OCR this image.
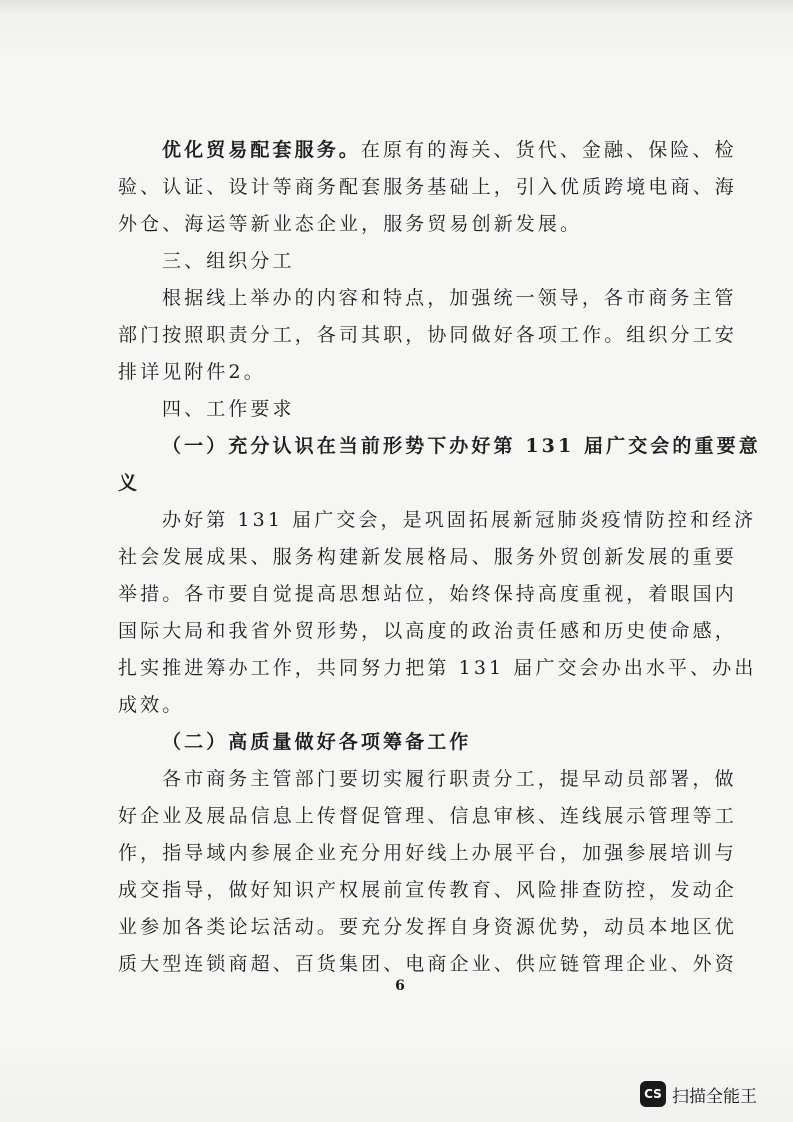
优化贸易配套服务。在原有的海关、货代、金融、保险、检
验、认证、设计等商务配套服务基础上，引入优质跨境电商、海
外仓、海运等新业态企业，服务贸易创新发展。
三、组织分工
根据线上举办的内容和特点，加强统一领导，各市商务主管
部门按照职责分工，各司其职，协同做好各项工作。组织分工安
排详见附件2。
四、工作要求
（一）充分认识在当前形势下办好第 131 届广交会的重要意
义
办好第 131 届广交会，是巩固拓展新冠肺炎疫情防控和经济
社会发展成果、服务构建新发展格局、服务外贸创新发展的重要
举措。各市要自觉提高思想站位，始终保持高度重视，着眼国内
国际大局和我省外贸形势，以高度的政治责任感和历史使命感，
扎实推进筹办工作，共同努力把第 131 届广交会办出水平、办出
成效。
（二）高质量做好各项筹备工作
各市商务主管部门要切实履行职责分工，提早动员部署，做
好企业及展品信息上传督促管理、信息审核、连线展示管理等工
作，指导域内参展企业充分用好线上办展平台，加强参展培训与
成交指导，做好知识产权展前宣传教育、风险排查防控，发动企
业参加各类论坛活动。要充分发挥自身资源优势，动员本地区优
质大型连锁商超、百货集团、电商企业、供应链管理企业、外资
6
CS 扫描全能王
